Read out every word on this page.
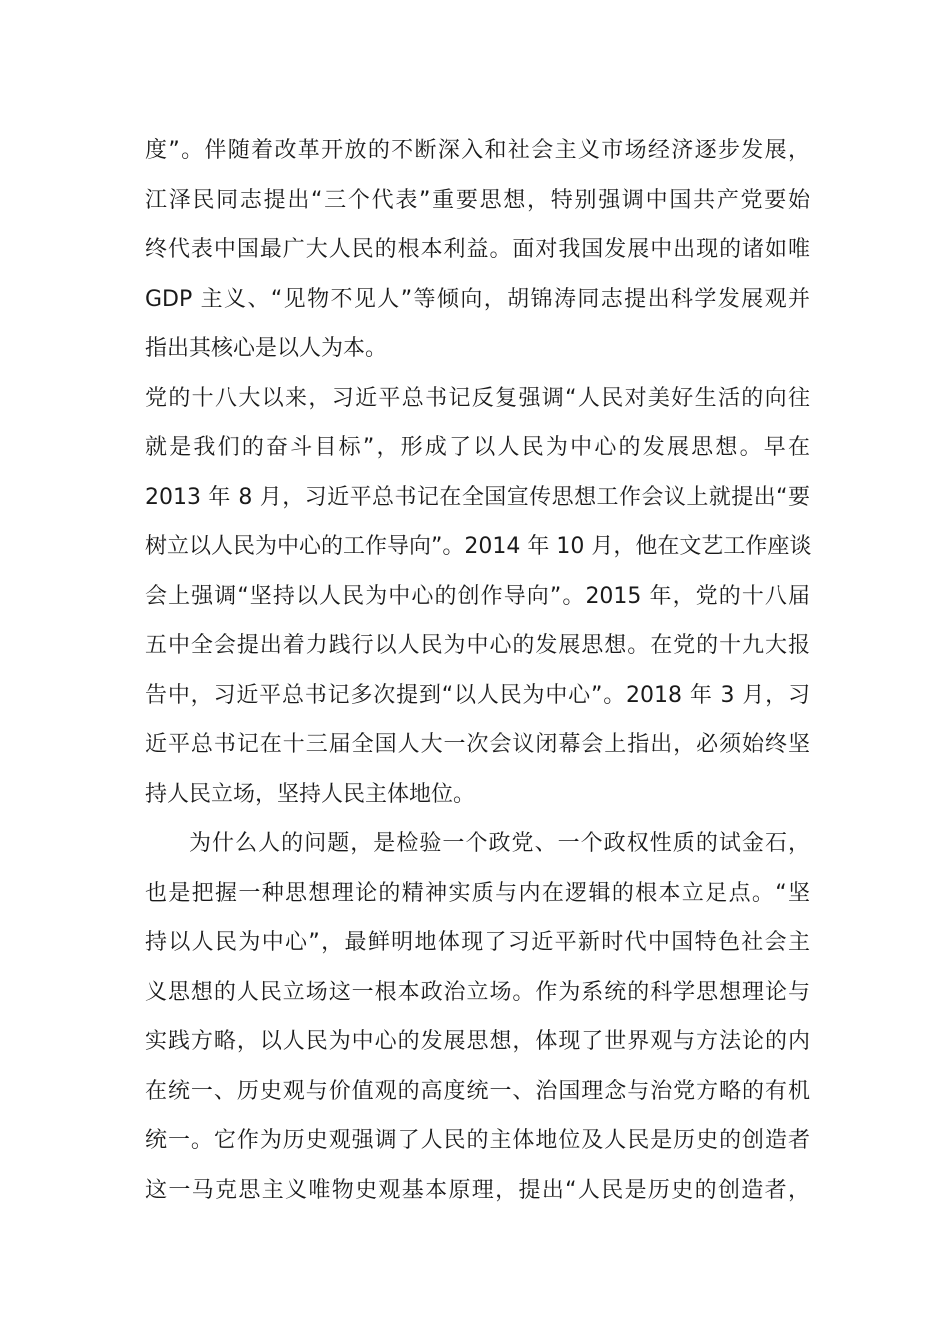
度”。伴随着改革开放的不断深入和社会主义市场经济逐步发展，
江泽民同志提出“三个代表”重要思想，特别强调中国共产党要始
终代表中国最广大人民的根本利益。面对我国发展中出现的诸如唯
GDP 主义、“见物不见人”等倾向，胡锦涛同志提出科学发展观并
指出其核心是以人为本。
党的十八大以来，习近平总书记反复强调“人民对美好生活的向往
就是我们的奋斗目标”，形成了以人民为中心的发展思想。早在
2013 年 8 月，习近平总书记在全国宣传思想工作会议上就提出“要
树立以人民为中心的工作导向”。2014 年 10 月，他在文艺工作座谈
会上强调“坚持以人民为中心的创作导向”。2015 年，党的十八届
五中全会提出着力践行以人民为中心的发展思想。在党的十九大报
告中，习近平总书记多次提到“以人民为中心”。2018 年 3 月，习
近平总书记在十三届全国人大一次会议闭幕会上指出，必须始终坚
持人民立场，坚持人民主体地位。
为什么人的问题，是检验一个政党、一个政权性质的试金石，
也是把握一种思想理论的精神实质与内在逻辑的根本立足点。“坚
持以人民为中心”，最鲜明地体现了习近平新时代中国特色社会主
义思想的人民立场这一根本政治立场。作为系统的科学思想理论与
实践方略，以人民为中心的发展思想，体现了世界观与方法论的内
在统一、历史观与价值观的高度统一、治国理念与治党方略的有机
统一。它作为历史观强调了人民的主体地位及人民是历史的创造者
这一马克思主义唯物史观基本原理，提出“人民是历史的创造者，
